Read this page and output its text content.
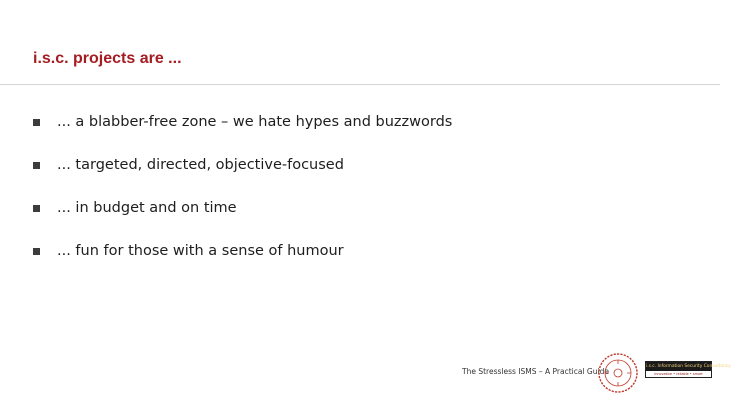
i.s.c. projects are ...
... a blabber-free zone – we hate hypes and buzzwords
... targeted, directed, objective-focused
... in budget and on time
... fun for those with a sense of humour
The Stressless ISMS – A Practical Guide
i.s.c. Information Security Consultancy
innovative • reliable • smart
